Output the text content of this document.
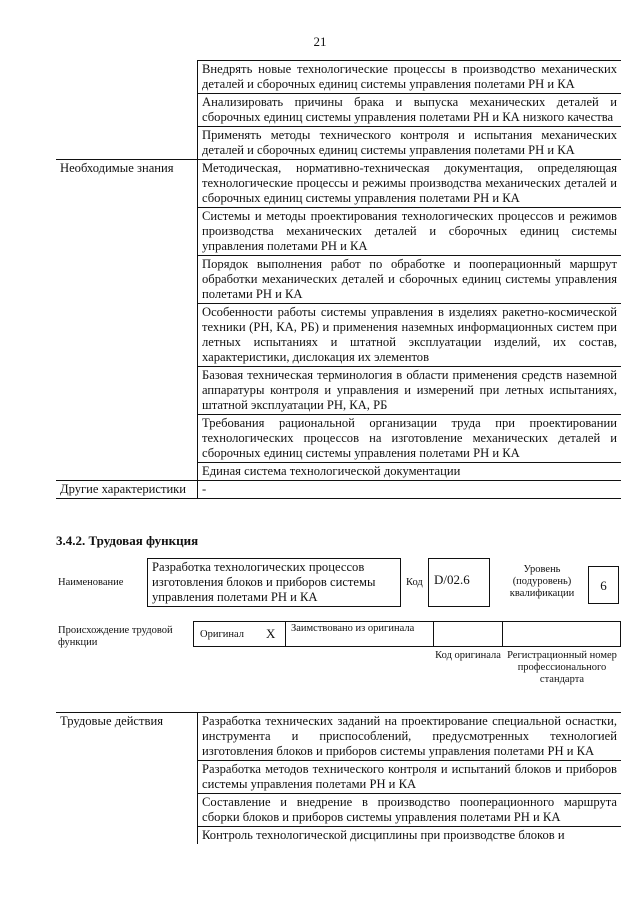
21
	Внедрять новые технологические процессы в производство механических деталей и сборочных единиц системы управления полетами РН и КА
	Анализировать причины брака и выпуска механических деталей и сборочных единиц системы управления полетами РН и КА низкого качества
	Применять методы технического контроля и испытания механических деталей и сборочных единиц системы управления полетами РН и КА
Необходимые знания	Методическая, нормативно-техническая документация, определяющая технологические процессы и режимы производства механических деталей и сборочных единиц системы управления полетами РН и КА
	Системы и методы проектирования технологических процессов и режимов производства механических деталей и сборочных единиц системы управления полетами РН и КА
	Порядок выполнения работ по обработке и пооперационный маршрут обработки механических деталей и сборочных единиц системы управления полетами РН и КА
	Особенности работы системы управления в изделиях ракетно-космической техники (РН, КА, РБ) и применения наземных информационных систем при летных испытаниях и штатной эксплуатации изделий, их состав, характеристики, дислокация их элементов
	Базовая техническая терминология в области применения средств наземной аппаратуры контроля и управления и измерений при летных испытаниях, штатной эксплуатации РН, КА, РБ
	Требования рациональной организации труда при проектировании технологических процессов на изготовление механических деталей и сборочных единиц системы управления полетами РН и КА
	Единая система технологической документации
Другие характеристики	-
3.4.2. Трудовая функция
Наименование
Разработка технологических процессов изготовления блоков и приборов системы управления полетами РН и КА
Код D/02.6
Уровень (подуровень) квалификации
6
Происхождение трудовой функции
Оригинал X Заимствовано из оригинала
Код оригинала Регистрационный номер профессионального стандарта
Трудовые действия	Разработка технических заданий на проектирование специальной оснастки, инструмента и приспособлений, предусмотренных технологией изготовления блоков и приборов системы управления полетами РН и КА
Разработка методов технического контроля и испытаний блоков и приборов системы управления полетами РН и КА
Составление и внедрение в производство пооперационного маршрута сборки блоков и приборов системы управления полетами РН и КА
Контроль технологической дисциплины при производстве блоков и
